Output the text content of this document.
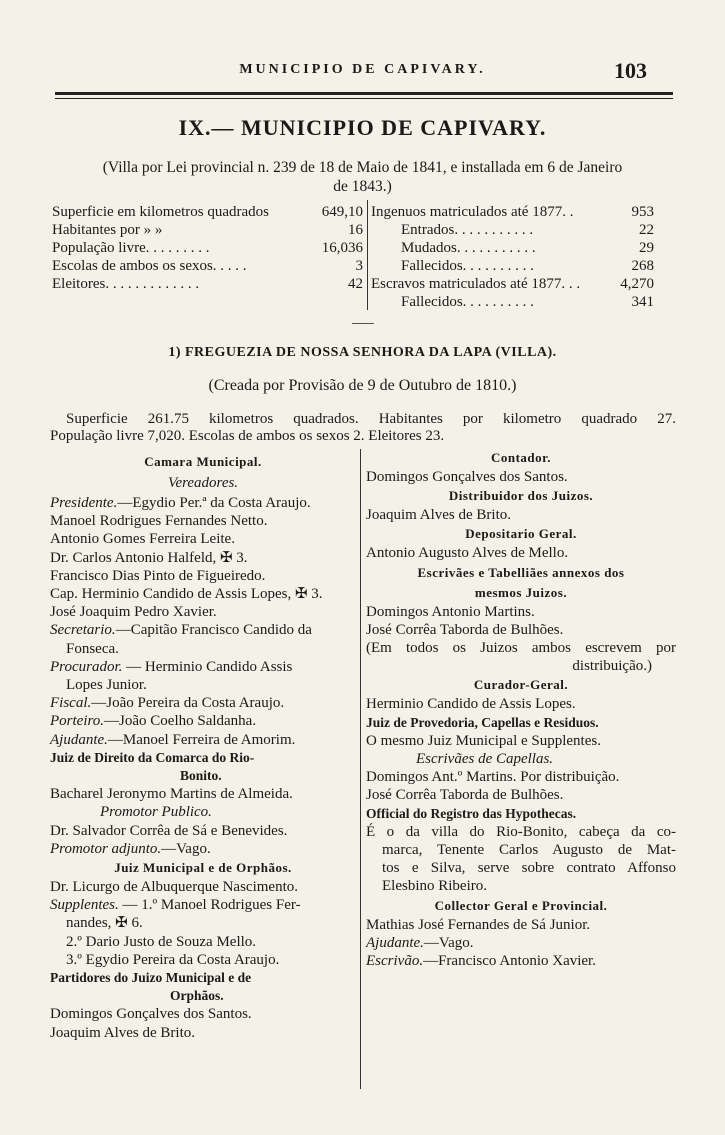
MUNICIPIO DE CAPIVARY.	103
IX.— MUNICIPIO DE CAPIVARY.
(Villa por Lei provincial n. 239 de 18 de Maio de 1841, e installada em 6 de Janeiro
de 1843.)
Superficie em kilometros quadrados	649,10
Habitantes por » »	16
População livre. . . . . . . . .	16,036
Escolas de ambos os sexos. . . . .	3
Eleitores. . . . . . . . . . . . .	42
Ingenuos matriculados até 1877. .	953
Entrados. . . . . . . . . . .	22
Mudados. . . . . . . . . . .	29
Fallecidos. . . . . . . . . .	268
Escravos matriculados até 1877. . .	4,270
Fallecidos. . . . . . . . . .	341
1) FREGUEZIA DE NOSSA SENHORA DA LAPA (VILLA).
(Creada por Provisão de 9 de Outubro de 1810.)
Superficie 261.75 kilometros quadrados. Habitantes por kilometro quadrado 27.
População livre 7,020. Escolas de ambos os sexos 2. Eleitores 23.
Camara Municipal.
Vereadores.
Presidente.—Egydio Per.ª da Costa Araujo.
Manoel Rodrigues Fernandes Netto.
Antonio Gomes Ferreira Leite.
Dr. Carlos Antonio Halfeld, ✠ 3.
Francisco Dias Pinto de Figueiredo.
Cap. Herminio Candido de Assis Lopes, ✠ 3.
José Joaquim Pedro Xavier.
Secretario.—Capitão Francisco Candido da
Fonseca.
Procurador. — Herminio Candido Assis
Lopes Junior.
Fiscal.—João Pereira da Costa Araujo.
Porteiro.—João Coelho Saldanha.
Ajudante.—Manoel Ferreira de Amorim.
Juiz de Direito da Comarca do Rio-
Bonito.
Bacharel Jeronymo Martins de Almeida.
Promotor Publico.
Dr. Salvador Corrêa de Sá e Benevides.
Promotor adjunto.—Vago.
Juiz Municipal e de Orphãos.
Dr. Licurgo de Albuquerque Nascimento.
Supplentes. — 1.º Manoel Rodrigues Fer-
nandes, ✠ 6.
2.º Dario Justo de Souza Mello.
3.º Egydio Pereira da Costa Araujo.
Partidores do Juizo Municipal e de
Orphãos.
Domingos Gonçalves dos Santos.
Joaquim Alves de Brito.
Contador.
Domingos Gonçalves dos Santos.
Distribuidor dos Juizos.
Joaquim Alves de Brito.
Depositario Geral.
Antonio Augusto Alves de Mello.
Escrivães e Tabelliães annexos dos
mesmos Juizos.
Domingos Antonio Martins.
José Corrêa Taborda de Bulhões.
(Em todos os Juizos ambos escrevem por
distribuição.)
Curador-Geral.
Herminio Candido de Assis Lopes.
Juiz de Provedoria, Capellas e Residuos.
O mesmo Juiz Municipal e Supplentes.
Escrivães de Capellas.
Domingos Ant.º Martins. Por distribuição.
José Corrêa Taborda de Bulhões.
Official do Registro das Hypothecas.
É o da villa do Rio-Bonito, cabeça da co-
marca, Tenente Carlos Augusto de Mat-
tos e Silva, serve sobre contrato Affonso
Elesbino Ribeiro.
Collector Geral e Provincial.
Mathias José Fernandes de Sá Junior.
Ajudante.—Vago.
Escrivão.—Francisco Antonio Xavier.
